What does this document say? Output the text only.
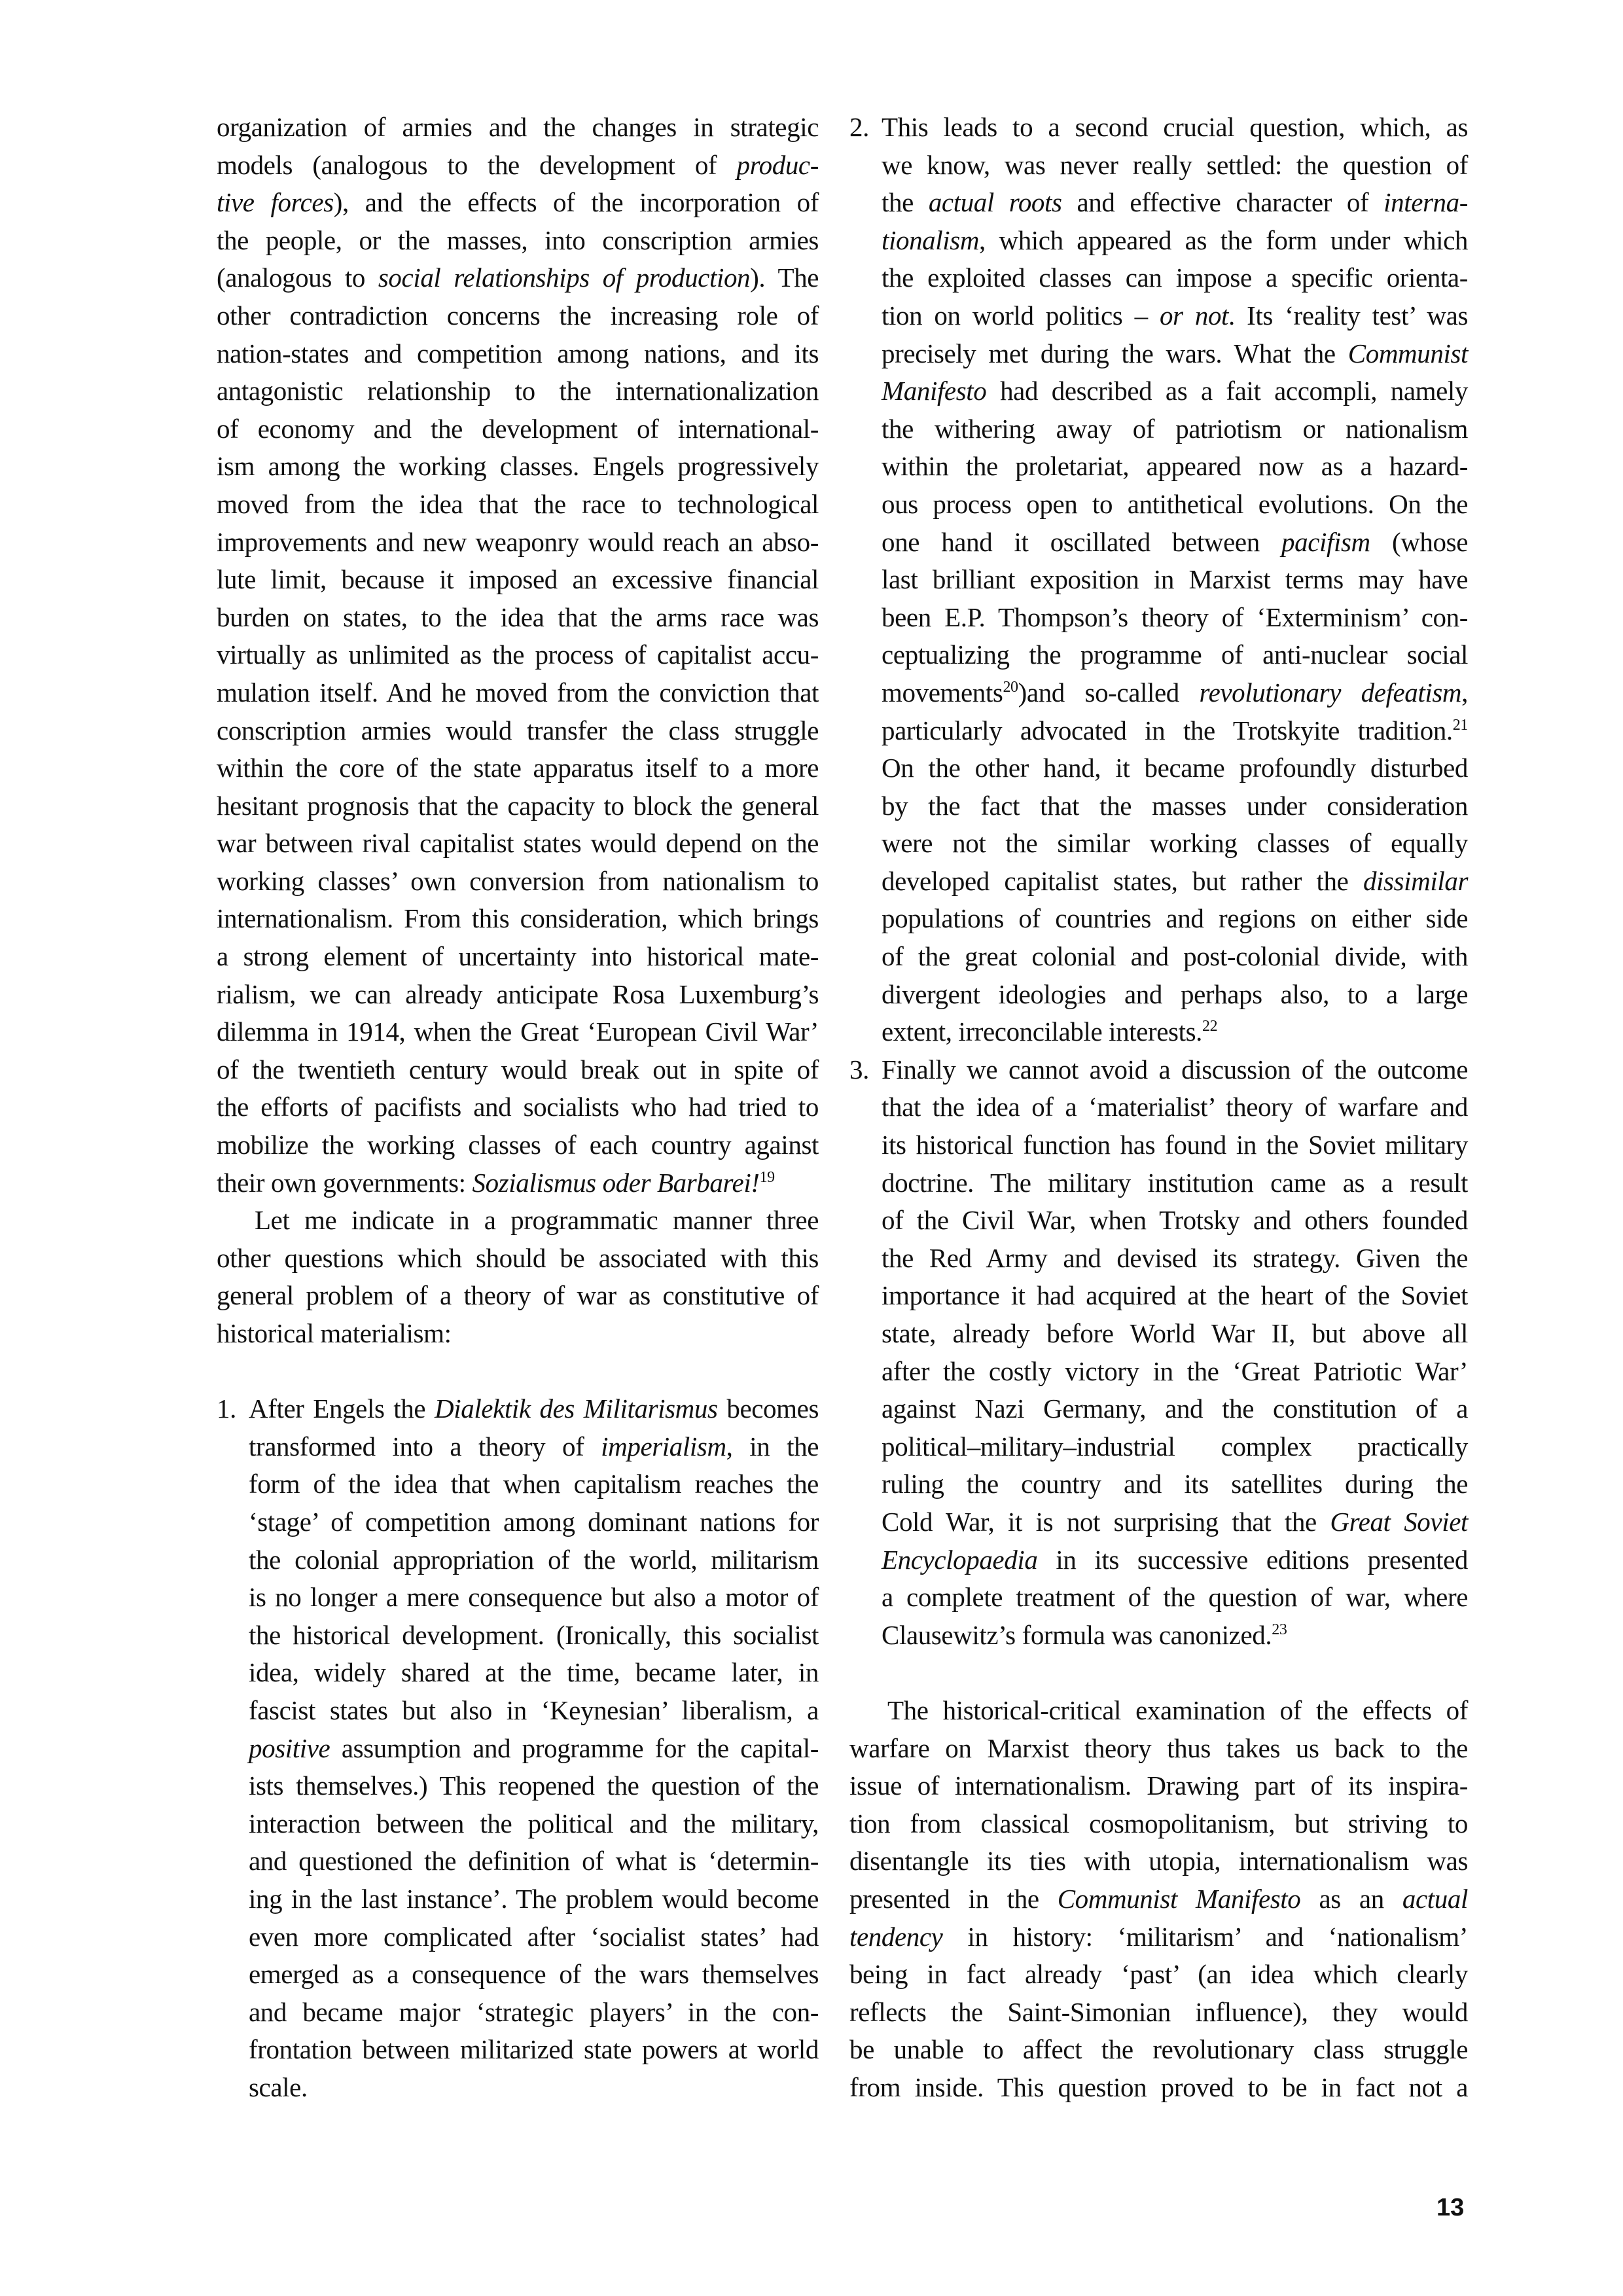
organization of armies and the changes in strategic
models (analogous to the development of produc-
tive forces), and the effects of the incorporation of
the people, or the masses, into conscription armies
(analogous to social relationships of production). The
other contradiction concerns the increasing role of
nation-states and competition among nations, and its
antagonistic relationship to the internationalization
of economy and the development of international-
ism among the working classes. Engels progressively
moved from the idea that the race to technological
improvements and new weaponry would reach an abso-
lute limit, because it imposed an excessive financial
burden on states, to the idea that the arms race was
virtually as unlimited as the process of capitalist accu-
mulation itself. And he moved from the conviction that
conscription armies would transfer the class struggle
within the core of the state apparatus itself to a more
hesitant prognosis that the capacity to block the general
war between rival capitalist states would depend on the
working classes’ own conversion from nationalism to
internationalism. From this consideration, which brings
a strong element of uncertainty into historical mate-
rialism, we can already anticipate Rosa Luxemburg’s
dilemma in 1914, when the Great ‘European Civil War’
of the twentieth century would break out in spite of
the efforts of pacifists and socialists who had tried to
mobilize the working classes of each country against
their own governments: Sozialismus oder Barbarei!$^{19}$
Let me indicate in a programmatic manner three
other questions which should be associated with this
general problem of a theory of war as constitutive of
historical materialism:
1. After Engels the Dialektik des Militarismus becomes
transformed into a theory of imperialism, in the
form of the idea that when capitalism reaches the
‘stage’ of competition among dominant nations for
the colonial appropriation of the world, militarism
is no longer a mere consequence but also a motor of
the historical development. (Ironically, this socialist
idea, widely shared at the time, became later, in
fascist states but also in ‘Keynesian’ liberalism, a
positive assumption and programme for the capital-
ists themselves.) This reopened the question of the
interaction between the political and the military,
and questioned the definition of what is ‘determin-
ing in the last instance’. The problem would become
even more complicated after ‘socialist states’ had
emerged as a consequence of the wars themselves
and became major ‘strategic players’ in the con-
frontation between militarized state powers at world
scale.
2. This leads to a second crucial question, which, as
we know, was never really settled: the question of
the actual roots and effective character of interna-
tionalism, which appeared as the form under which
the exploited classes can impose a specific orienta-
tion on world politics – or not. Its ‘reality test’ was
precisely met during the wars. What the Communist
Manifesto had described as a fait accompli, namely
the withering away of patriotism or nationalism
within the proletariat, appeared now as a hazard-
ous process open to antithetical evolutions. On the
one hand it oscillated between pacifism (whose
last brilliant exposition in Marxist terms may have
been E.P. Thompson’s theory of ‘Exterminism’ con-
ceptualizing the programme of anti-nuclear social
movements$^{20}$)and so-called revolutionary defeatism,
particularly advocated in the Trotskyite tradition.$^{21}$
On the other hand, it became profoundly disturbed
by the fact that the masses under consideration
were not the similar working classes of equally
developed capitalist states, but rather the dissimilar
populations of countries and regions on either side
of the great colonial and post-colonial divide, with
divergent ideologies and perhaps also, to a large
extent, irreconcilable interests.$^{22}$
3. Finally we cannot avoid a discussion of the outcome
that the idea of a ‘materialist’ theory of warfare and
its historical function has found in the Soviet military
doctrine. The military institution came as a result
of the Civil War, when Trotsky and others founded
the Red Army and devised its strategy. Given the
importance it had acquired at the heart of the Soviet
state, already before World War II, but above all
after the costly victory in the ‘Great Patriotic War’
against Nazi Germany, and the constitution of a
political–military–industrial complex practically
ruling the country and its satellites during the
Cold War, it is not surprising that the Great Soviet
Encyclopaedia in its successive editions presented
a complete treatment of the question of war, where
Clausewitz’s formula was canonized.$^{23}$
The historical-critical examination of the effects of
warfare on Marxist theory thus takes us back to the
issue of internationalism. Drawing part of its inspira-
tion from classical cosmopolitanism, but striving to
disentangle its ties with utopia, internationalism was
presented in the Communist Manifesto as an actual
tendency in history: ‘militarism’ and ‘nationalism’
being in fact already ‘past’ (an idea which clearly
reflects the Saint-Simonian influence), they would
be unable to affect the revolutionary class struggle
from inside. This question proved to be in fact not a
13
